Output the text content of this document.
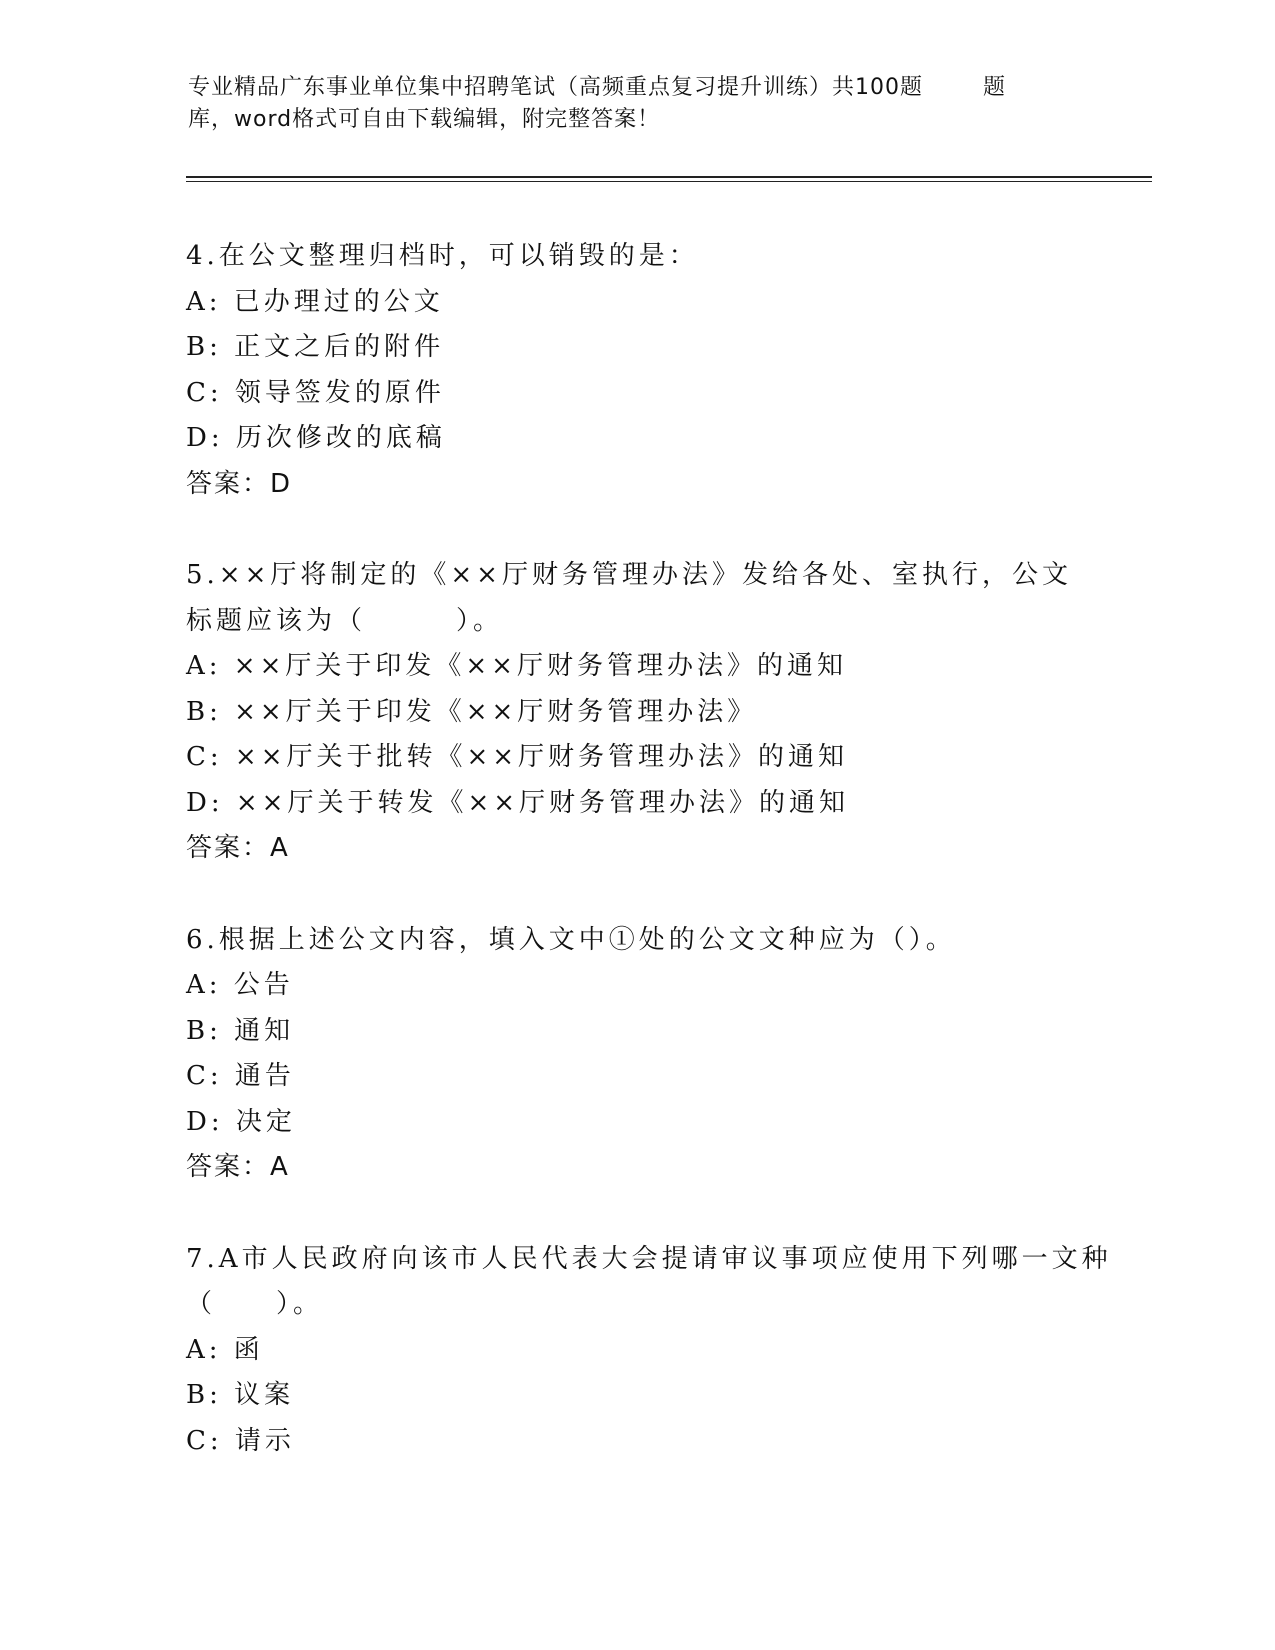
专业精品广东事业单位集中招聘笔试（高频重点复习提升训练）共100题	题
库，word格式可自由下载编辑，附完整答案！
4.在公文整理归档时，可以销毁的是：
A: 已办理过的公文
B: 正文之后的附件
C: 领导签发的原件
D: 历次修改的底稿
答案：D
5.××厅将制定的《××厅财务管理办法》发给各处、室执行，公文
标题应该为（　　　）。
A: ××厅关于印发《××厅财务管理办法》的通知
B: ××厅关于印发《××厅财务管理办法》
C: ××厅关于批转《××厅财务管理办法》的通知
D: ××厅关于转发《××厅财务管理办法》的通知
答案：A
6.根据上述公文内容，填入文中①处的公文文种应为（）。
A: 公告
B: 通知
C: 通告
D: 决定
答案：A
7.A市人民政府向该市人民代表大会提请审议事项应使用下列哪一文种
（　　）。
A: 函
B: 议案
C: 请示
